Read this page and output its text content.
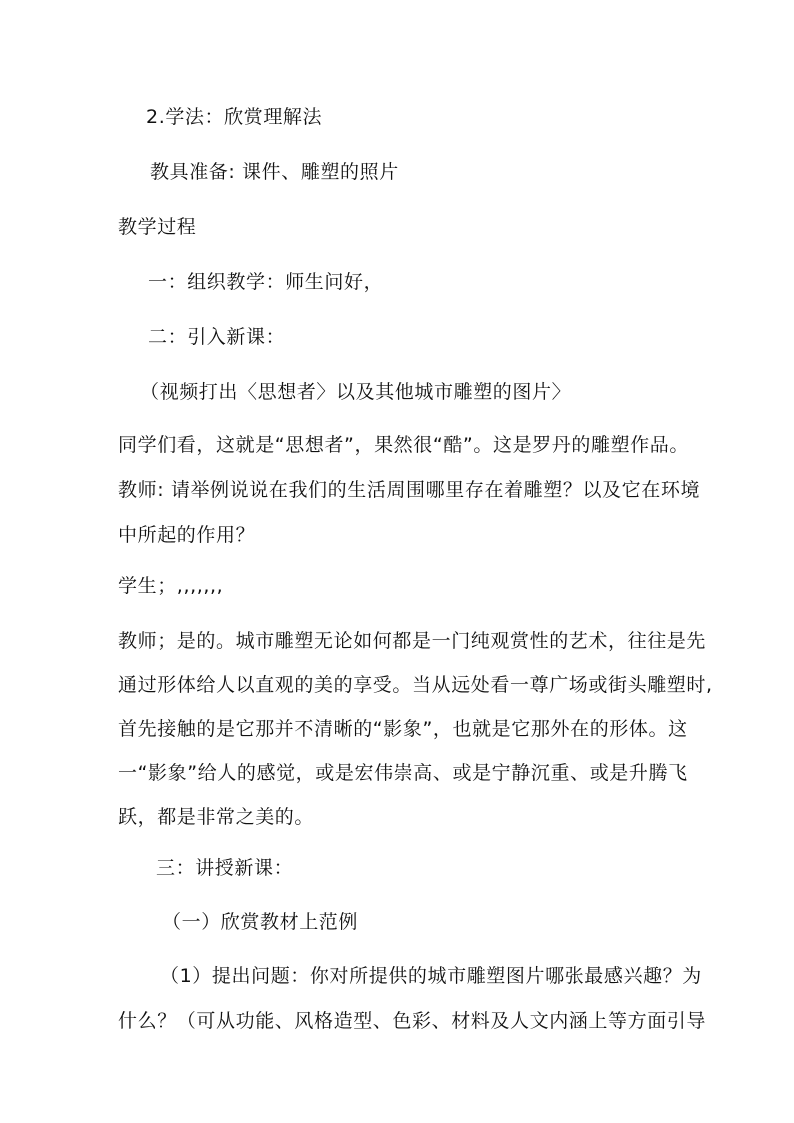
2.学法：欣赏理解法
教具准备: 课件、雕塑的照片
教学过程
一：组织教学：师生问好，
二：引入新课：
（视频打出〈思想者〉以及其他城市雕塑的图片〉
同学们看，这就是“思想者”，果然很“酷”。这是罗丹的雕塑作品。
教师: 请举例说说在我们的生活周围哪里存在着雕塑？以及它在环境
中所起的作用？
学生；,,,,,,,
教师；是的。城市雕塑无论如何都是一门纯观赏性的艺术，往往是先
通过形体给人以直观的美的享受。当从远处看一尊广场或街头雕塑时,
首先接触的是它那并不清晰的“影象”，也就是它那外在的形体。这
一“影象”给人的感觉，或是宏伟崇高、或是宁静沉重、或是升腾飞
跃，都是非常之美的。
三：讲授新课：
（一）欣赏教材上范例
（1）提出问题：你对所提供的城市雕塑图片哪张最感兴趣？为
什么？（可从功能、风格造型、色彩、材料及人文内涵上等方面引导
